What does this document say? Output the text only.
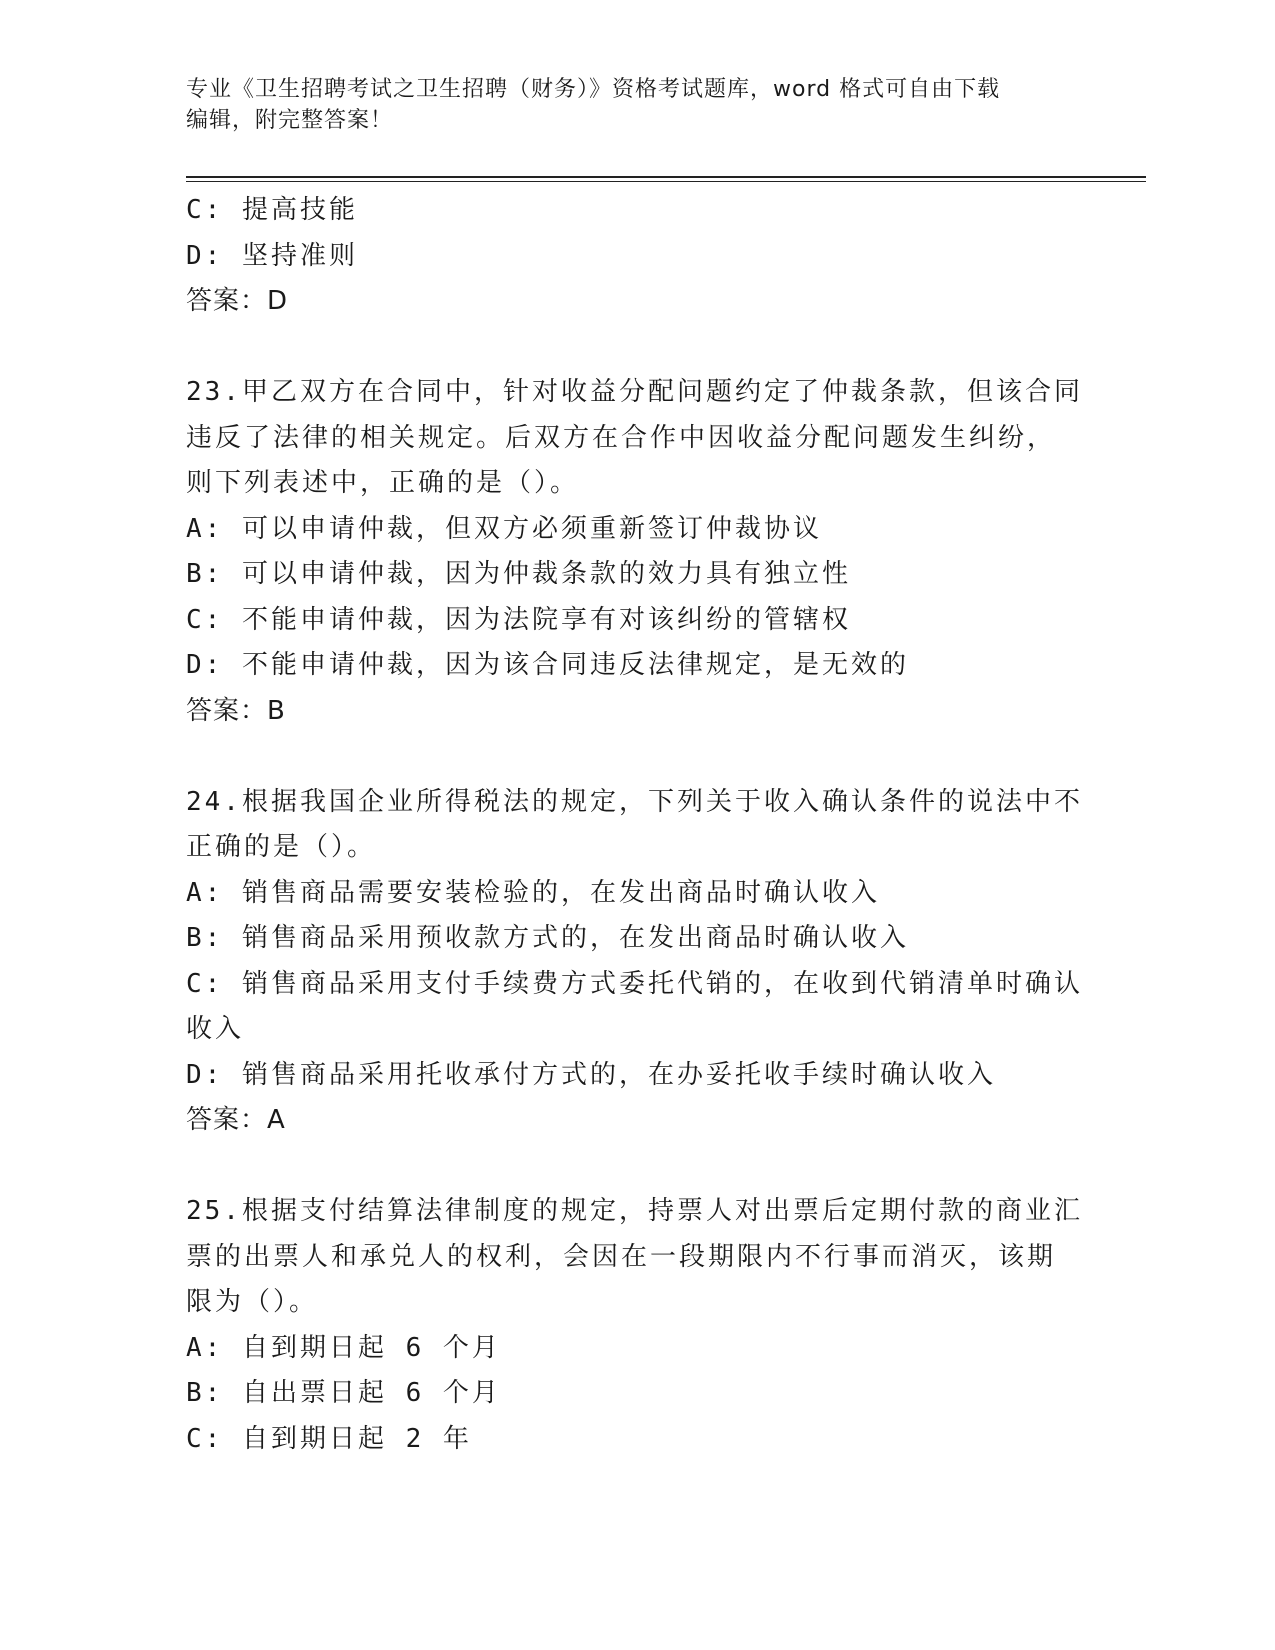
专业《卫生招聘考试之卫生招聘（财务）》资格考试题库，word 格式可自由下载
编辑，附完整答案！
C: 提高技能
D: 坚持准则
答案：D
23.甲乙双方在合同中，针对收益分配问题约定了仲裁条款，但该合同
违反了法律的相关规定。后双方在合作中因收益分配问题发生纠纷，
则下列表述中，正确的是（）。
A: 可以申请仲裁，但双方必须重新签订仲裁协议
B: 可以申请仲裁，因为仲裁条款的效力具有独立性
C: 不能申请仲裁，因为法院享有对该纠纷的管辖权
D: 不能申请仲裁，因为该合同违反法律规定，是无效的
答案：B
24.根据我国企业所得税法的规定，下列关于收入确认条件的说法中不
正确的是（）。
A: 销售商品需要安装检验的，在发出商品时确认收入
B: 销售商品采用预收款方式的，在发出商品时确认收入
C: 销售商品采用支付手续费方式委托代销的，在收到代销清单时确认
收入
D: 销售商品采用托收承付方式的，在办妥托收手续时确认收入
答案：A
25.根据支付结算法律制度的规定，持票人对出票后定期付款的商业汇
票的出票人和承兑人的权利，会因在一段期限内不行事而消灭，该期
限为（）。
A: 自到期日起 6 个月
B: 自出票日起 6 个月
C: 自到期日起 2 年
